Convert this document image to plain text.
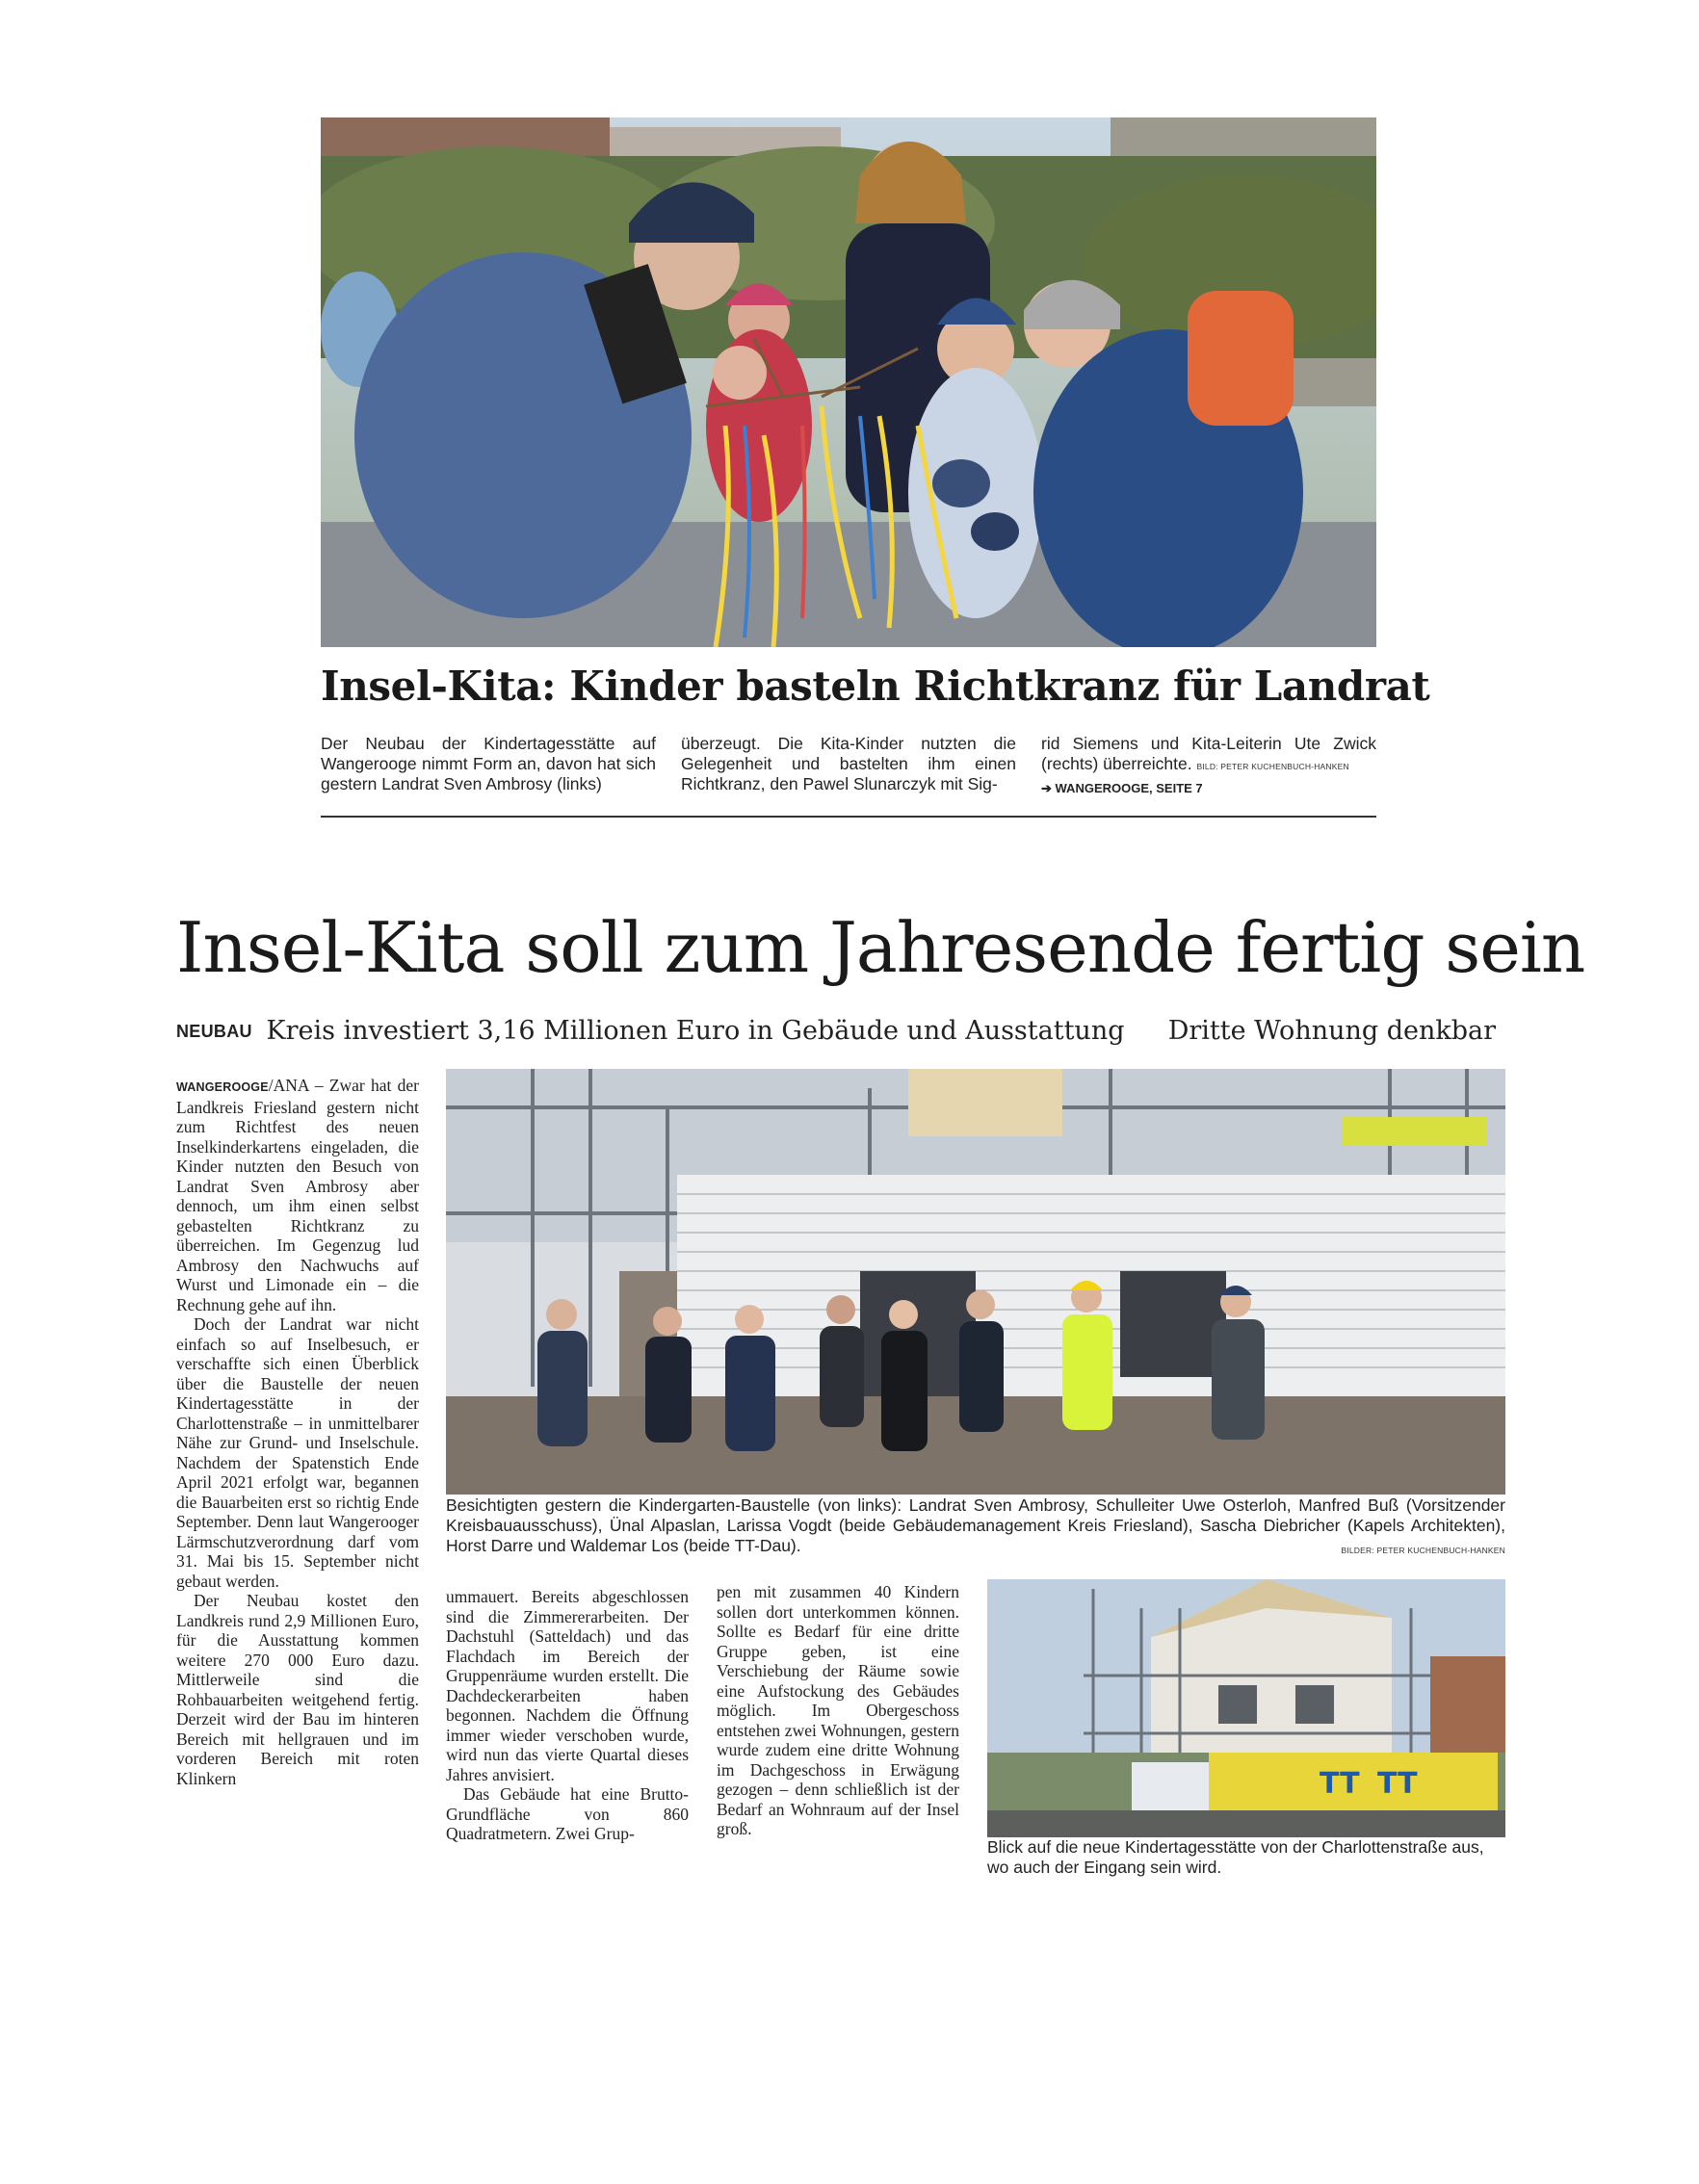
Insel-Kita: Kinder basteln Richtkranz für Landrat
Der Neubau der Kindertagesstätte auf Wangerooge nimmt Form an, davon hat sich gestern Landrat Sven Ambrosy (links)
überzeugt. Die Kita-Kinder nutzten die Gelegenheit und bastelten ihm einen Richtkranz, den Pawel Slunarczyk mit Sig-
rid Siemens und Kita-Leiterin Ute Zwick (rechts) überreichte. BILD: PETER KUCHENBUCH-HANKEN
➔ WANGEROOGE, SEITE 7
Insel-Kita soll zum Jahresende fertig sein
NEUBAU Kreis investiert 3,16 Millionen Euro in Gebäude und Ausstattung Dritte Wohnung denkbar

WANGEROOGE/ANA – Zwar hat der Landkreis Friesland gestern nicht zum Richtfest des neuen Inselkinderkartens eingeladen, die Kinder nutzten den Besuch von Landrat Sven Ambrosy aber dennoch, um ihm einen selbst gebastelten Richtkranz zu überreichen. Im Gegenzug lud Ambrosy den Nachwuchs auf Wurst und Limonade ein – die Rechnung gehe auf ihn.

Doch der Landrat war nicht einfach so auf Inselbesuch, er verschaffte sich einen Überblick über die Baustelle der neuen Kindertagesstätte in der Charlottenstraße – in unmittelbarer Nähe zur Grund- und Inselschule. Nachdem der Spatenstich Ende April 2021 erfolgt war, begannen die Bauarbeiten erst so richtig Ende September. Denn laut Wangerooger Lärmschutzverordnung darf vom 31. Mai bis 15. September nicht gebaut werden.

Der Neubau kostet den Landkreis rund 2,9 Millionen Euro, für die Ausstattung kommen weitere 270 000 Euro dazu. Mittlerweile sind die Rohbauarbeiten weitgehend fertig. Derzeit wird der Bau im hinteren Bereich mit hellgrauen und im vorderen Bereich mit roten Klinkern

Besichtigten gestern die Kindergarten-Baustelle (von links): Landrat Sven Ambrosy, Schulleiter Uwe Osterloh, Manfred Buß (Vorsitzender Kreisbauausschuss), Ünal Alpaslan, Larissa Vogdt (beide Gebäudemanagement Kreis Friesland), Sascha Diebricher (Kapels Architekten), Horst Darre und Waldemar Los (beide TT-Dau).	BILDER: PETER KUCHENBUCH-HANKEN

ummauert. Bereits abgeschlossen sind die Zimmererarbeiten. Der Dachstuhl (Satteldach) und das Flachdach im Bereich der Gruppenräume wurden erstellt. Die Dachdeckerarbeiten haben begonnen. Nachdem die Öffnung immer wieder verschoben wurde, wird nun das vierte Quartal dieses Jahres anvisiert.

Das Gebäude hat eine Brutto-Grundfläche von 860 Quadratmetern. Zwei Grup-

pen mit zusammen 40 Kindern sollen dort unterkommen können. Sollte es Bedarf für eine dritte Gruppe geben, ist eine Verschiebung der Räume sowie eine Aufstockung des Gebäudes möglich. Im Obergeschoss entstehen zwei Wohnungen, gestern wurde zudem eine dritte Wohnung im Dachgeschoss in Erwägung gezogen – denn schließlich ist der Bedarf an Wohnraum auf der Insel groß.

TT TT
Blick auf die neue Kindertagesstätte von der Charlottenstraße aus, wo auch der Eingang sein wird.
